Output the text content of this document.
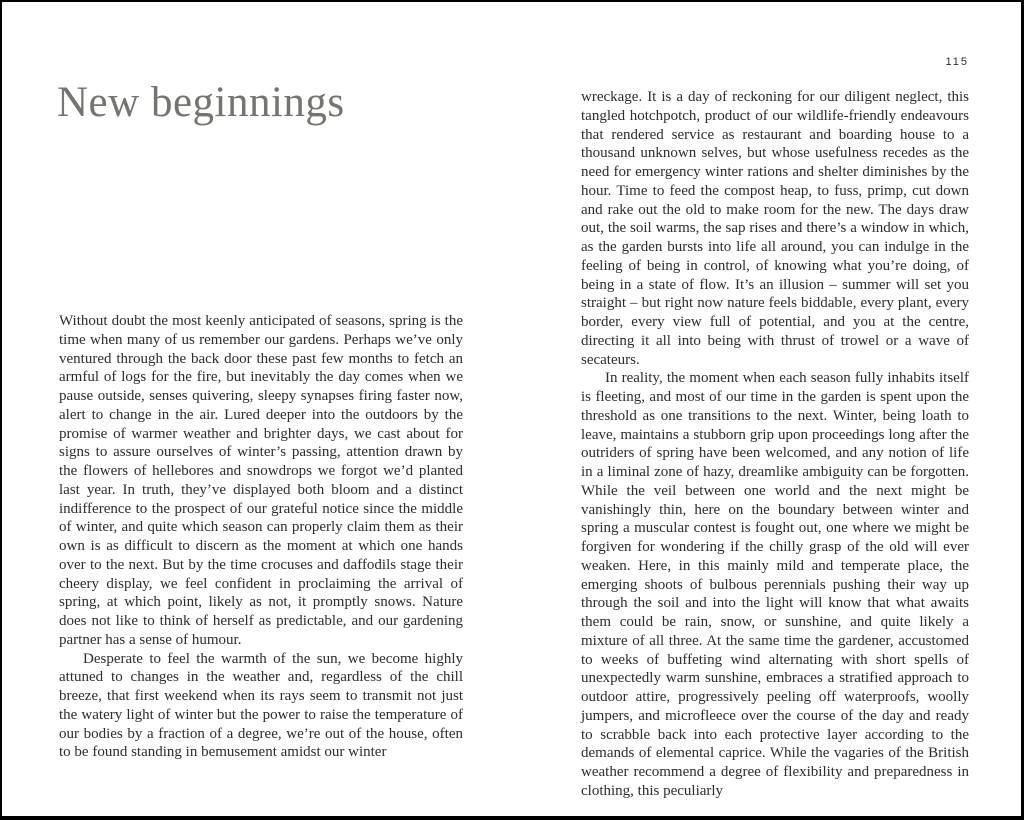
115
New beginnings

Without doubt the most keenly anticipated of seasons, spring is the time when many of us remember our gardens. Perhaps we’ve only ventured through the back door these past few months to fetch an armful of logs for the fire, but inevitably the day comes when we pause outside, senses quivering, sleepy synapses firing faster now, alert to change in the air. Lured deeper into the outdoors by the promise of warmer weather and brighter days, we cast about for signs to assure ourselves of winter’s passing, attention drawn by the flowers of hellebores and snowdrops we forgot we’d planted last year. In truth, they’ve displayed both bloom and a distinct indifference to the prospect of our grateful notice since the middle of winter, and quite which season can properly claim them as their own is as difficult to discern as the moment at which one hands over to the next. But by the time crocuses and daffodils stage their cheery display, we feel confident in proclaiming the arrival of spring, at which point, likely as not, it promptly snows. Nature does not like to think of herself as predictable, and our gardening partner has a sense of humour.

Desperate to feel the warmth of the sun, we become highly attuned to changes in the weather and, regardless of the chill breeze, that first weekend when its rays seem to transmit not just the watery light of winter but the power to raise the temperature of our bodies by a fraction of a degree, we’re out of the house, often to be found standing in bemusement amidst our winter

wreckage. It is a day of reckoning for our diligent neglect, this tangled hotchpotch, product of our wildlife-friendly endeavours that rendered service as restaurant and boarding house to a thousand unknown selves, but whose usefulness recedes as the need for emergency winter rations and shelter diminishes by the hour. Time to feed the compost heap, to fuss, primp, cut down and rake out the old to make room for the new. The days draw out, the soil warms, the sap rises and there’s a window in which, as the garden bursts into life all around, you can indulge in the feeling of being in control, of knowing what you’re doing, of being in a state of flow. It’s an illusion – summer will set you straight – but right now nature feels biddable, every plant, every border, every view full of potential, and you at the centre, directing it all into being with thrust of trowel or a wave of secateurs.

In reality, the moment when each season fully inhabits itself is fleeting, and most of our time in the garden is spent upon the threshold as one transitions to the next. Winter, being loath to leave, maintains a stubborn grip upon proceedings long after the outriders of spring have been welcomed, and any notion of life in a liminal zone of hazy, dreamlike ambiguity can be forgotten. While the veil between one world and the next might be vanishingly thin, here on the boundary between winter and spring a muscular contest is fought out, one where we might be forgiven for wondering if the chilly grasp of the old will ever weaken. Here, in this mainly mild and temperate place, the emerging shoots of bulbous perennials pushing their way up through the soil and into the light will know that what awaits them could be rain, snow, or sunshine, and quite likely a mixture of all three. At the same time the gardener, accustomed to weeks of buffeting wind alternating with short spells of unexpectedly warm sunshine, embraces a stratified approach to outdoor attire, progressively peeling off waterproofs, woolly jumpers, and microfleece over the course of the day and ready to scrabble back into each protective layer according to the demands of elemental caprice. While the vagaries of the British weather recommend a degree of flexibility and preparedness in clothing, this peculiarly
